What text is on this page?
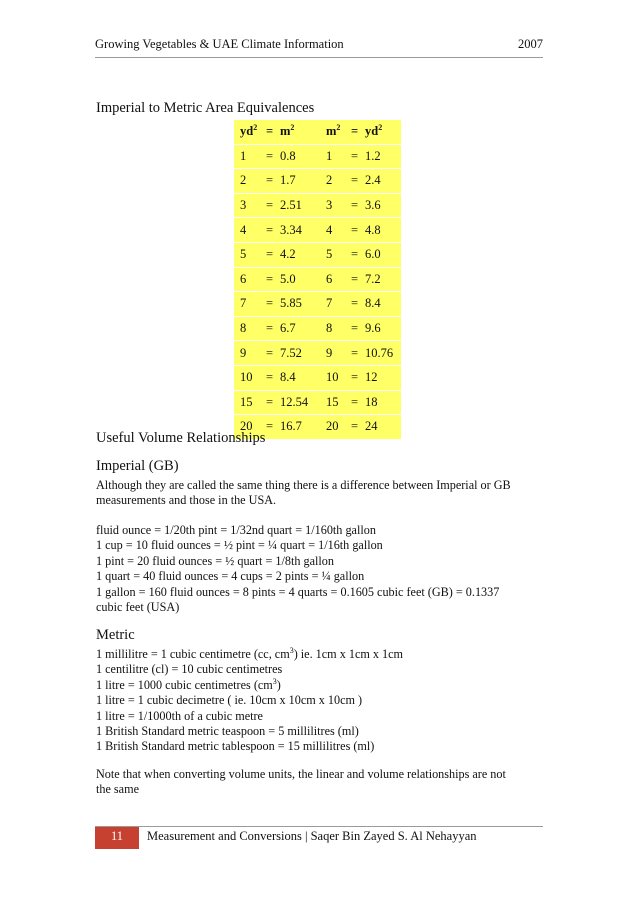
Growing Vegetables & UAE Climate Information	2007
Imperial to Metric Area Equivalences
$yd^2$	=	$m^2$	$m^2$	=	$yd^2$
1	=	0.8	1	=	1.2
2	=	1.7	2	=	2.4
3	=	2.51	3	=	3.6
4	=	3.34	4	=	4.8
5	=	4.2	5	=	6.0
6	=	5.0	6	=	7.2
7	=	5.85	7	=	8.4
8	=	6.7	8	=	9.6
9	=	7.52	9	=	10.76
10	=	8.4	10	=	12
15	=	12.54	15	=	18
20	=	16.7	20	=	24
Useful Volume Relationships
Imperial (GB)
Although they are called the same thing there is a difference between Imperial or GB
measurements and those in the USA.
fluid ounce = 1/20th pint = 1/32nd quart = 1/160th gallon
1 cup = 10 fluid ounces = ½ pint = ¼ quart = 1/16th gallon
1 pint = 20 fluid ounces = ½ quart = 1/8th gallon
1 quart = 40 fluid ounces = 4 cups = 2 pints = ¼ gallon
1 gallon = 160 fluid ounces = 8 pints = 4 quarts = 0.1605 cubic feet (GB) = 0.1337
cubic feet (USA)
Metric
1 millilitre = 1 cubic centimetre (cc, $cm^3$) ie. 1cm x 1cm x 1cm
1 centilitre (cl) = 10 cubic centimetres
1 litre = 1000 cubic centimetres $(cm^3)$
1 litre = 1 cubic decimetre ( ie. 10cm x 10cm x 10cm )
1 litre = 1/1000th of a cubic metre
1 British Standard metric teaspoon = 5 millilitres (ml)
1 British Standard metric tablespoon = 15 millilitres (ml)
Note that when converting volume units, the linear and volume relationships are not
the same
11	Measurement and Conversions | Saqer Bin Zayed S. Al Nehayyan
